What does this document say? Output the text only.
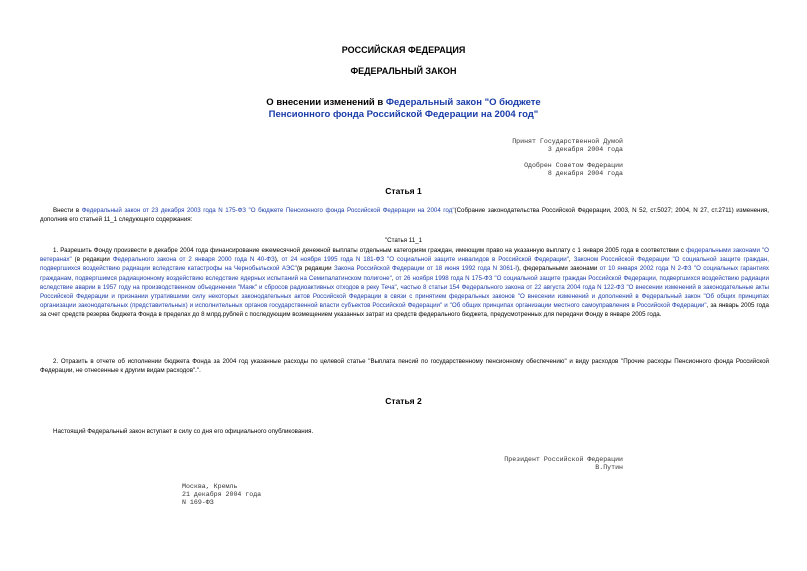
РОССИЙСКАЯ ФЕДЕРАЦИЯ
ФЕДЕРАЛЬНЫЙ ЗАКОН
О внесении изменений в Федеральный закон "О бюджете
Пенсионного фонда Российской Федерации на 2004 год"
Принят Государственной Думой
3 декабря 2004 года
Одобрен Советом Федерации
8 декабря 2004 года
Статья 1
Внести в Федеральный закон от 23 декабря 2003 года N 175-ФЗ "О бюджете Пенсионного фонда Российской Федерации на 2004 год"(Собрание законодательства Российской Федерации, 2003, N 52, ст.5027; 2004, N 27, ст.2711) изменения, дополнив его статьей 11_1 следующего содержания:
"Статья 11_1
1. Разрешить Фонду произвести в декабре 2004 года финансирование ежемесячной денежной выплаты отдельным категориям граждан, имеющим право на указанную выплату с 1 января 2005 года в соответствии с федеральными законами "О ветеранах" (в редакции Федерального закона от 2 января 2000 года N 40-ФЗ), от 24 ноября 1995 года N 181-ФЗ "О социальной защите инвалидов в Российской Федерации", Законом Российской Федерации "О социальной защите граждан, подвергшихся воздействию радиации вследствие катастрофы на Чернобыльской АЭС"(в редакции Закона Российской Федерации от 18 июня 1992 года N 3061-I), федеральными законами от 10 января 2002 года N 2-ФЗ "О социальных гарантиях гражданам, подвергшимся радиационному воздействию вследствие ядерных испытаний на Семипалатинском полигоне", от 26 ноября 1998 года N 175-ФЗ "О социальной защите граждан Российской Федерации, подвергшихся воздействию радиации вследствие аварии в 1957 году на производственном объединении "Маяк" и сбросов радиоактивных отходов в реку Теча", частью 8 статьи 154 Федерального закона от 22 августа 2004 года N 122-ФЗ "О внесении изменений в законодательные акты Российской Федерации и признании утратившими силу некоторых законодательных актов Российской Федерации в связи с принятием федеральных законов "О внесении изменений и дополнений в Федеральный закон "Об общих принципах организации законодательных (представительных) и исполнительных органов государственной власти субъектов Российской Федерации" и "Об общих принципах организации местного самоуправления в Российской Федерации", за январь 2005 года за счет средств резерва бюджета Фонда в пределах до 8 млрд.рублей с последующим возмещением указанных затрат из средств федерального бюджета, предусмотренных для передачи Фонду в январе 2005 года.
2. Отразить в отчете об исполнении бюджета Фонда за 2004 год указанные расходы по целевой статье "Выплата пенсий по государственному пенсионному обеспечению" и виду расходов "Прочие расходы Пенсионного фонда Российской Федерации, не отнесенные к другим видам расходов".".
Статья 2
Настоящий Федеральный закон вступает в силу со дня его официального опубликования.
Президент Российской Федерации
В.Путин
Москва, Кремль
21 декабря 2004 года
N 169-ФЗ
